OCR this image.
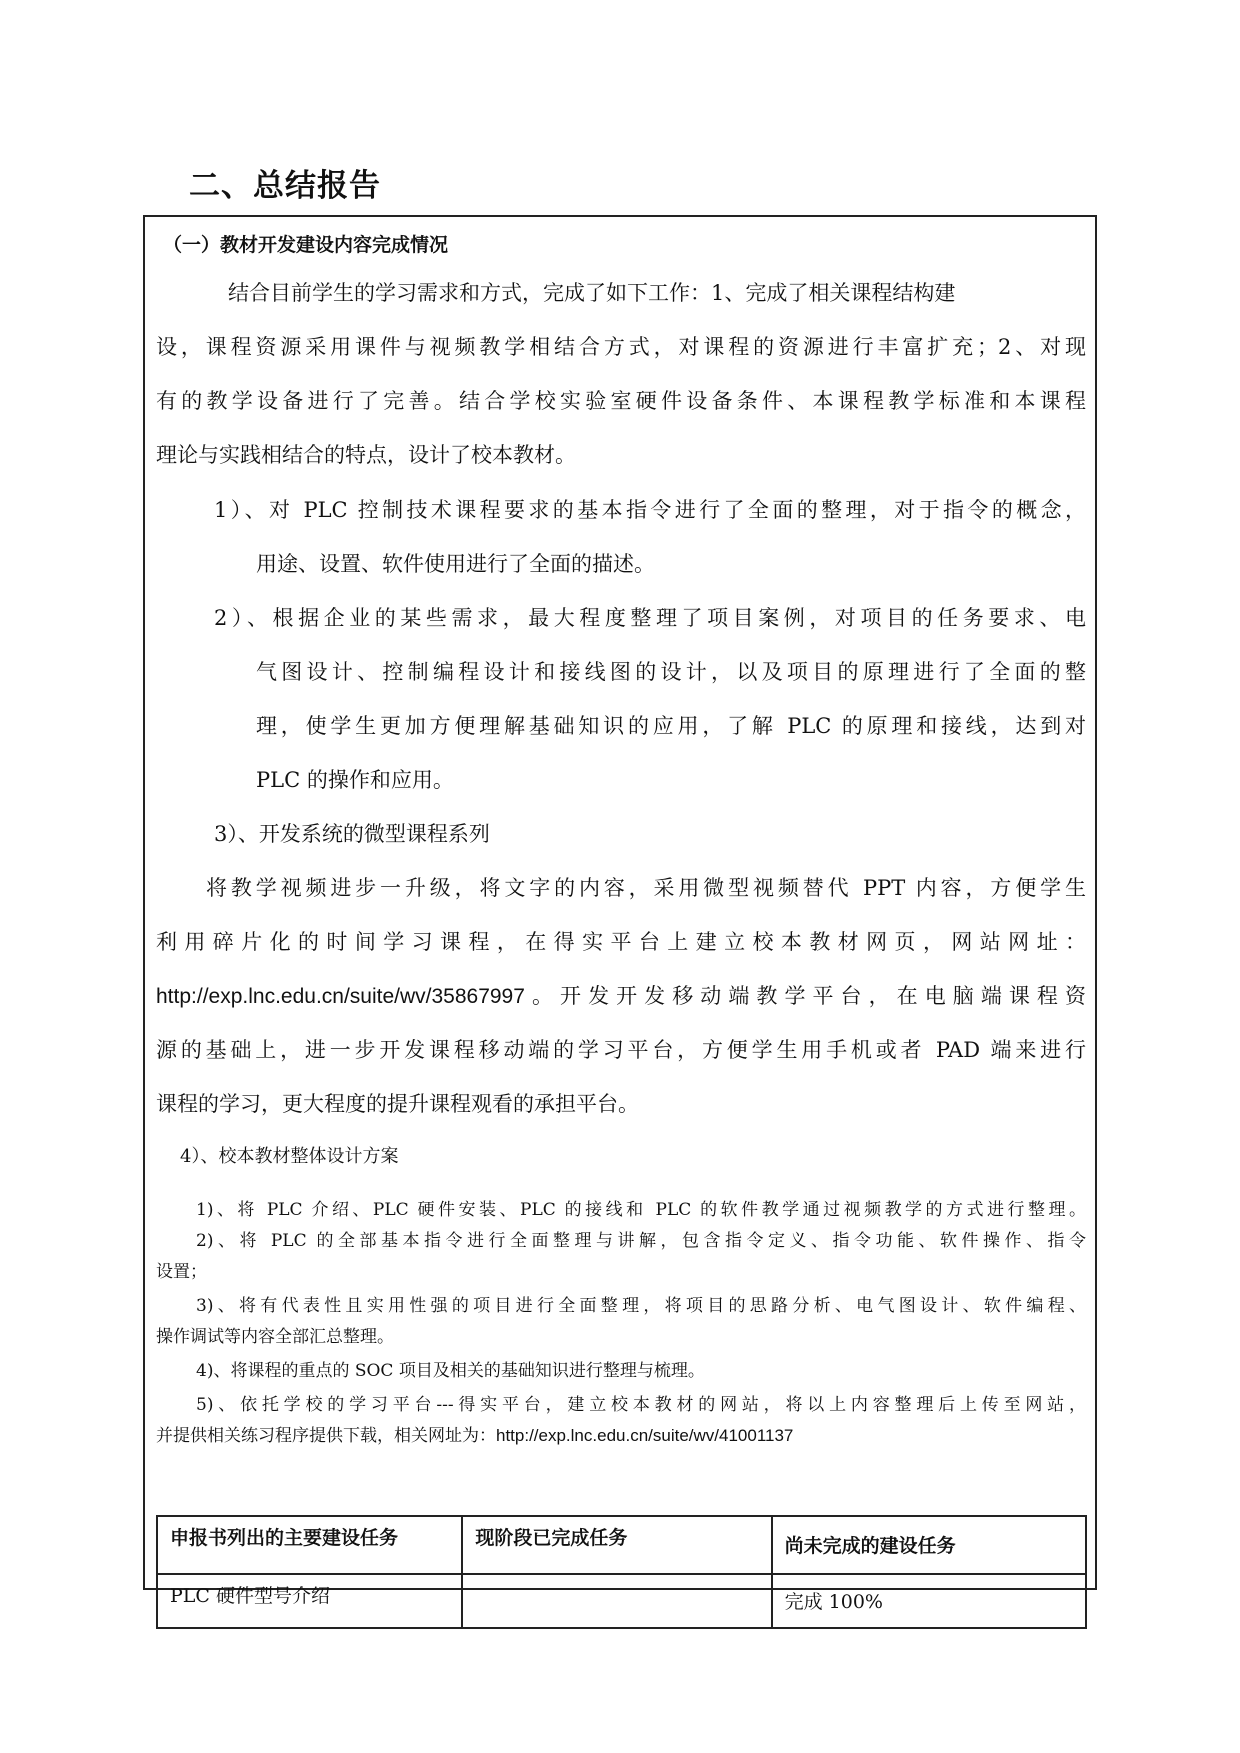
二、总结报告
（一）教材开发建设内容完成情况
结合目前学生的学习需求和方式，完成了如下工作：1、完成了相关课程结构建
设，课程资源采用课件与视频教学相结合方式，对课程的资源进行丰富扩充；2、对现
有的教学设备进行了完善。结合学校实验室硬件设备条件、本课程教学标准和本课程
理论与实践相结合的特点，设计了校本教材。
1）、对 PLC 控制技术课程要求的基本指令进行了全面的整理，对于指令的概念，
用途、设置、软件使用进行了全面的描述。
2）、根据企业的某些需求，最大程度整理了项目案例，对项目的任务要求、电
气图设计、控制编程设计和接线图的设计，以及项目的原理进行了全面的整
理，使学生更加方便理解基础知识的应用，了解 PLC 的原理和接线，达到对
PLC 的操作和应用。
3）、开发系统的微型课程系列
将教学视频进步一升级，将文字的内容，采用微型视频替代 PPT 内容，方便学生
利用碎片化的时间学习课程，在得实平台上建立校本教材网页，网站网址：
http://exp.lnc.edu.cn/suite/wv/35867997。开发开发移动端教学平台，在电脑端课程资
源的基础上，进一步开发课程移动端的学习平台，方便学生用手机或者 PAD 端来进行
课程的学习，更大程度的提升课程观看的承担平台。
4）、校本教材整体设计方案
1)、将 PLC 介绍、PLC 硬件安装、PLC 的接线和 PLC 的软件教学通过视频教学的方式进行整理。
2)、将 PLC 的全部基本指令进行全面整理与讲解，包含指令定义、指令功能、软件操作、指令
设置；
3)、将有代表性且实用性强的项目进行全面整理，将项目的思路分析、电气图设计、软件编程、
操作调试等内容全部汇总整理。
4)、将课程的重点的 SOC 项目及相关的基础知识进行整理与梳理。
5)、依托学校的学习平台---得实平台，建立校本教材的网站，将以上内容整理后上传至网站，
并提供相关练习程序提供下载，相关网址为：http://exp.lnc.edu.cn/suite/wv/41001137
申报书列出的主要建设任务	现阶段已完成任务	尚未完成的建设任务
PLC 硬件型号介绍		完成 100%
